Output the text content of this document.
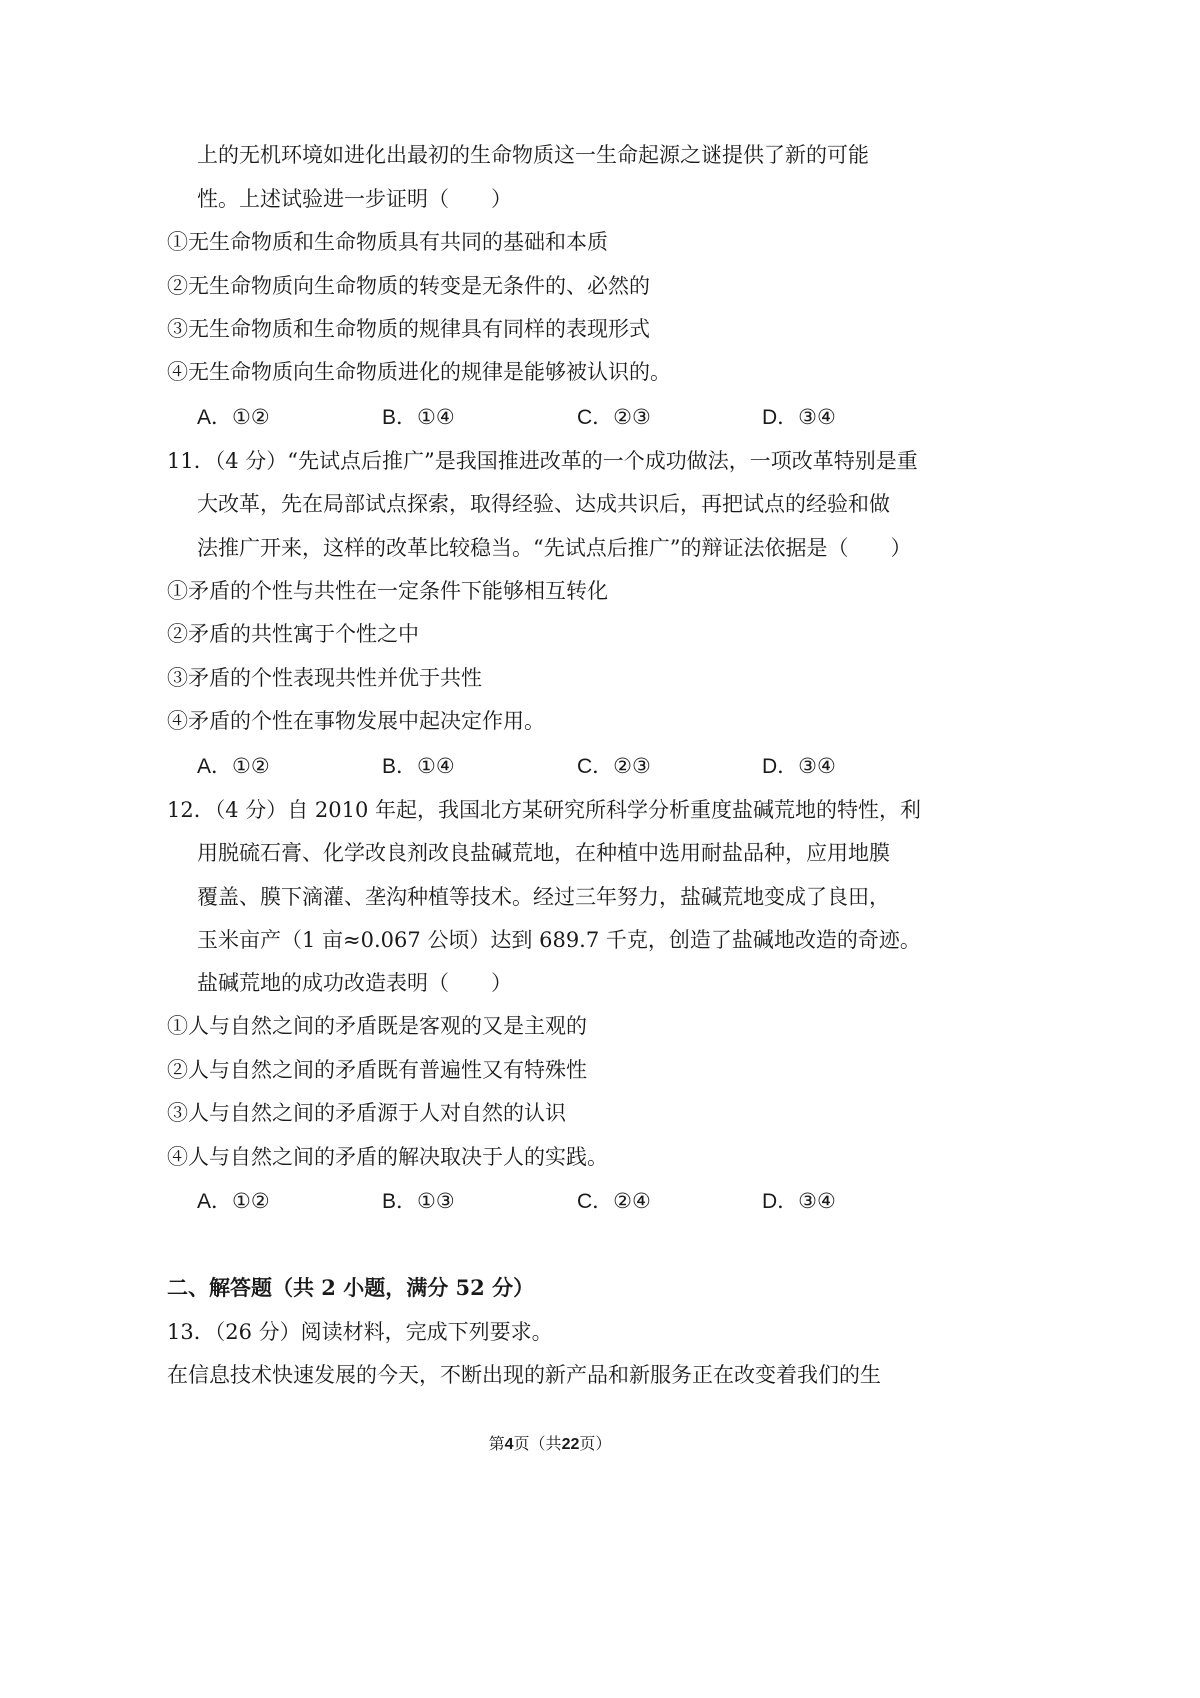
上的无机环境如进化出最初的生命物质这一生命起源之谜提供了新的可能
性。上述试验进一步证明（　　）
①无生命物质和生命物质具有共同的基础和本质
②无生命物质向生命物质的转变是无条件的、必然的
③无生命物质和生命物质的规律具有同样的表现形式
④无生命物质向生命物质进化的规律是能够被认识的。
A．①②	B．①④	C．②③	D．③④
11．（4 分）“先试点后推广”是我国推进改革的一个成功做法，一项改革特别是重
大改革，先在局部试点探索，取得经验、达成共识后，再把试点的经验和做
法推广开来，这样的改革比较稳当。“先试点后推广”的辩证法依据是（　　）
①矛盾的个性与共性在一定条件下能够相互转化
②矛盾的共性寓于个性之中
③矛盾的个性表现共性并优于共性
④矛盾的个性在事物发展中起决定作用。
A．①②	B．①④	C．②③	D．③④
12．（4 分）自 2010 年起，我国北方某研究所科学分析重度盐碱荒地的特性，利
用脱硫石膏、化学改良剂改良盐碱荒地，在种植中选用耐盐品种，应用地膜
覆盖、膜下滴灌、垄沟种植等技术。经过三年努力，盐碱荒地变成了良田，
玉米亩产（1 亩≈0.067 公顷）达到 689.7 千克，创造了盐碱地改造的奇迹。
盐碱荒地的成功改造表明（　　）
①人与自然之间的矛盾既是客观的又是主观的
②人与自然之间的矛盾既有普遍性又有特殊性
③人与自然之间的矛盾源于人对自然的认识
④人与自然之间的矛盾的解决取决于人的实践。
A．①②	B．①③	C．②④	D．③④
二、解答题（共 2 小题，满分 52 分）
13．（26 分）阅读材料，完成下列要求。
在信息技术快速发展的今天，不断出现的新产品和新服务正在改变着我们的生
第4页（共22页）
